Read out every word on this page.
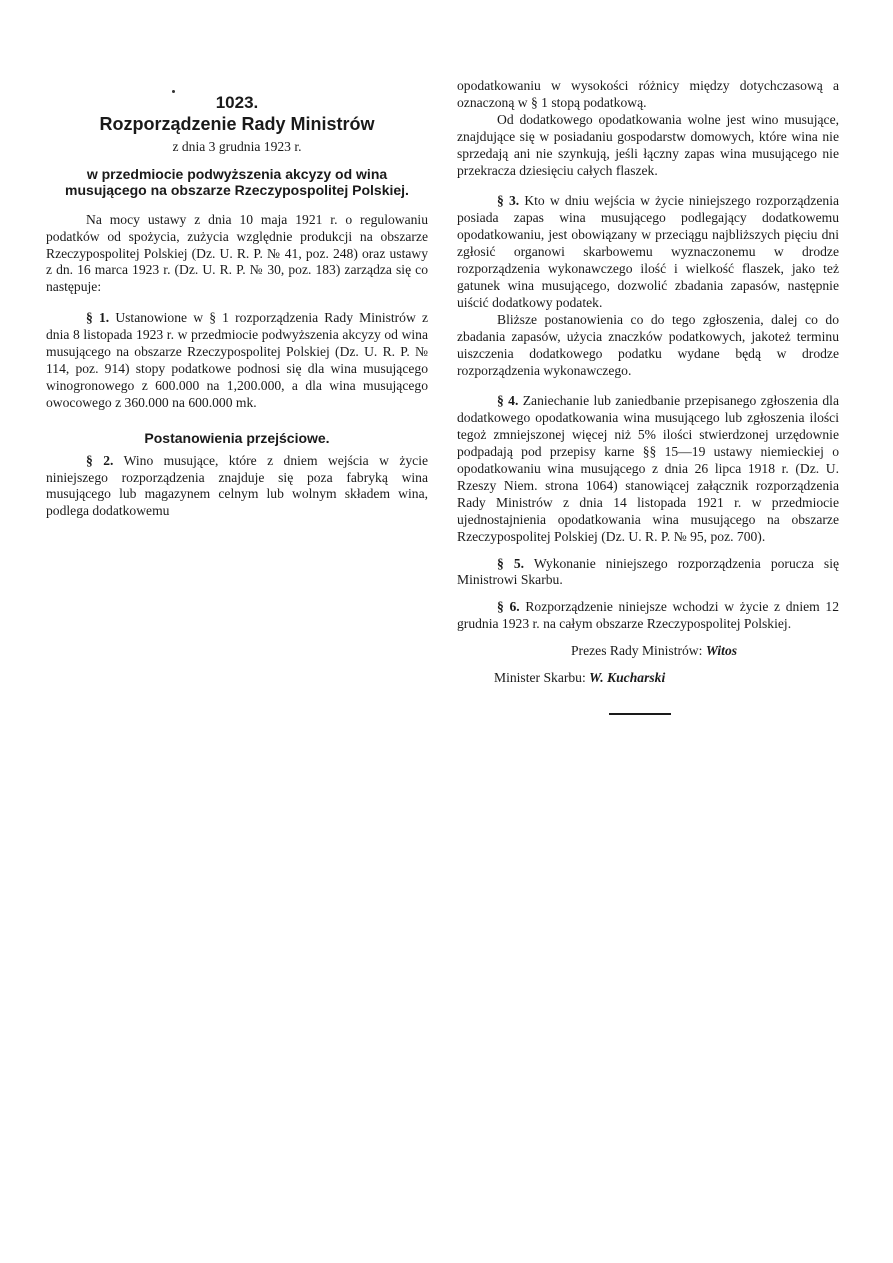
1023.

Rozporządzenie Rady Ministrów

z dnia 3 grudnia 1923 r.

w przedmiocie podwyższenia akcyzy od wina musującego na obszarze Rzeczypospolitej Polskiej.

Na mocy ustawy z dnia 10 maja 1921 r. o regulowaniu podatków od spożycia, zużycia względnie produkcji na obszarze Rzeczypospolitej Polskiej (Dz. U. R. P. № 41, poz. 248) oraz ustawy z dn. 16 marca 1923 r. (Dz. U. R. P. № 30, poz. 183) zarządza się co następuje:

§ 1. Ustanowione w § 1 rozporządzenia Rady Ministrów z dnia 8 listopada 1923 r. w przedmiocie podwyższenia akcyzy od wina musującego na obszarze Rzeczypospolitej Polskiej (Dz. U. R. P. № 114, poz. 914) stopy podatkowe podnosi się dla wina musującego winogronowego z 600.000 na 1,200.000, a dla wina musującego owocowego z 360.000 na 600.000 mk.

Postanowienia przejściowe.

§ 2. Wino musujące, które z dniem wejścia w życie niniejszego rozporządzenia znajduje się poza fabryką wina musującego lub magazynem celnym lub wolnym składem wina, podlega dodatkowemu

opodatkowaniu w wysokości różnicy między dotychczasową a oznaczoną w § 1 stopą podatkową.

Od dodatkowego opodatkowania wolne jest wino musujące, znajdujące się w posiadaniu gospodarstw domowych, które wina nie sprzedają ani nie szynkują, jeśli łączny zapas wina musującego nie przekracza dziesięciu całych flaszek.

§ 3. Kto w dniu wejścia w życie niniejszego rozporządzenia posiada zapas wina musującego podlegający dodatkowemu opodatkowaniu, jest obowiązany w przeciągu najbliższych pięciu dni zgłosić organowi skarbowemu wyznaczonemu w drodze rozporządzenia wykonawczego ilość i wielkość flaszek, jako też gatunek wina musującego, dozwolić zbadania zapasów, następnie uiścić dodatkowy podatek.

Bliższe postanowienia co do tego zgłoszenia, dalej co do zbadania zapasów, użycia znaczków podatkowych, jakoteż terminu uiszczenia dodatkowego podatku wydane będą w drodze rozporządzenia wykonawczego.

§ 4. Zaniechanie lub zaniedbanie przepisanego zgłoszenia dla dodatkowego opodatkowania wina musującego lub zgłoszenia ilości tegoż zmniejszonej więcej niż 5% ilości stwierdzonej urzędownie podpadają pod przepisy karne §§ 15—19 ustawy niemieckiej o opodatkowaniu wina musującego z dnia 26 lipca 1918 r. (Dz. U. Rzeszy Niem. strona 1064) stanowiącej załącznik rozporządzenia Rady Ministrów z dnia 14 listopada 1921 r. w przedmiocie ujednostajnienia opodatkowania wina musującego na obszarze Rzeczypospolitej Polskiej (Dz. U. R. P. № 95, poz. 700).

§ 5. Wykonanie niniejszego rozporządzenia porucza się Ministrowi Skarbu.

§ 6. Rozporządzenie niniejsze wchodzi w życie z dniem 12 grudnia 1923 r. na całym obszarze Rzeczypospolitej Polskiej.

Prezes Rady Ministrów: Witos

Minister Skarbu: W. Kucharski
